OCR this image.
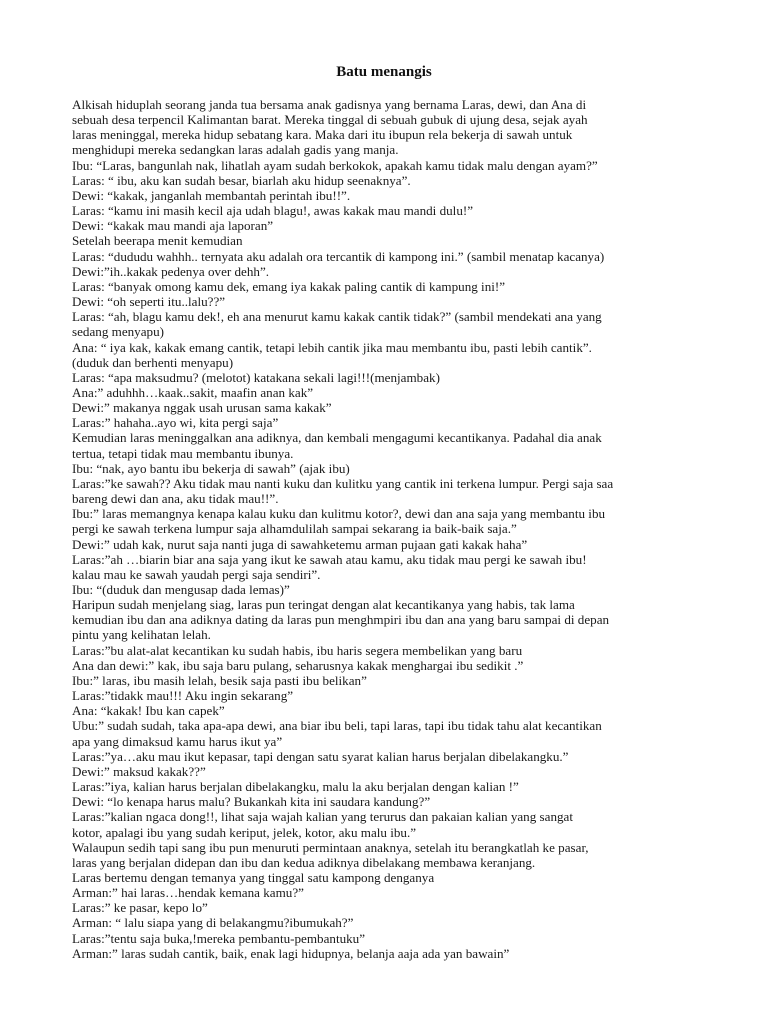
Batu menangis
Alkisah hiduplah seorang janda tua bersama anak gadisnya yang bernama Laras, dewi, dan Ana di
sebuah desa terpencil Kalimantan barat. Mereka tinggal di sebuah gubuk di ujung desa, sejak ayah
laras meninggal, mereka hidup sebatang kara. Maka dari itu ibupun rela bekerja di sawah untuk
menghidupi mereka sedangkan laras adalah gadis yang manja.
Ibu: “Laras, bangunlah nak, lihatlah ayam sudah berkokok, apakah kamu tidak malu dengan ayam?”
Laras: “ ibu, aku kan sudah besar, biarlah aku hidup seenaknya”.
Dewi: “kakak, janganlah membantah perintah ibu!!”.
Laras: “kamu ini masih kecil aja udah blagu!, awas kakak mau mandi dulu!”
Dewi: “kakak mau mandi aja laporan”
Setelah beerapa menit kemudian
Laras: “dududu wahhh.. ternyata aku adalah ora tercantik di kampong ini.” (sambil menatap kacanya)
Dewi:”ih..kakak pedenya over dehh”.
Laras: “banyak omong kamu dek, emang iya kakak paling cantik di kampung ini!”
Dewi: “oh seperti itu..lalu??”
Laras: “ah, blagu kamu dek!, eh ana menurut kamu kakak cantik tidak?” (sambil mendekati ana yang
sedang menyapu)
Ana: “ iya kak, kakak emang cantik, tetapi lebih cantik jika mau membantu ibu, pasti lebih cantik”.
(duduk dan berhenti menyapu)
Laras: “apa maksudmu? (melotot) katakana sekali lagi!!!(menjambak)
Ana:” aduhhh…kaak..sakit, maafin anan kak”
Dewi:” makanya nggak usah urusan sama kakak”
Laras:” hahaha..ayo wi, kita pergi saja”
Kemudian laras meninggalkan ana adiknya, dan kembali mengagumi kecantikanya. Padahal dia anak
tertua, tetapi tidak mau membantu ibunya.
Ibu: “nak, ayo bantu ibu bekerja di sawah” (ajak ibu)
Laras:”ke sawah?? Aku tidak mau nanti kuku dan kulitku yang cantik ini terkena lumpur. Pergi saja saa
bareng dewi dan ana, aku tidak mau!!”.
Ibu:” laras memangnya kenapa kalau kuku dan kulitmu kotor?, dewi dan ana saja yang membantu ibu
pergi ke sawah terkena lumpur saja alhamdulilah sampai sekarang ia baik-baik saja.”
Dewi:” udah kak, nurut saja nanti juga di sawahketemu arman pujaan gati kakak haha”
Laras:”ah …biarin biar ana saja yang ikut ke sawah atau kamu, aku tidak mau pergi ke sawah ibu!
kalau mau ke sawah yaudah pergi saja sendiri”.
Ibu: “(duduk dan mengusap dada lemas)”
Haripun sudah menjelang siag, laras pun teringat dengan alat kecantikanya yang habis, tak lama
kemudian ibu dan ana adiknya dating da laras pun menghmpiri ibu dan ana yang baru sampai di depan
pintu yang kelihatan lelah.
Laras:”bu alat-alat kecantikan ku sudah habis, ibu haris segera membelikan yang baru
Ana dan dewi:” kak, ibu saja baru pulang, seharusnya kakak menghargai ibu sedikit .”
Ibu:” laras, ibu masih lelah, besik saja pasti ibu belikan”
Laras:”tidakk mau!!! Aku ingin sekarang”
Ana: “kakak! Ibu kan capek”
Ubu:” sudah sudah, taka apa-apa dewi, ana biar ibu beli, tapi laras, tapi ibu tidak tahu alat kecantikan
apa yang dimaksud kamu harus ikut ya”
Laras:”ya…aku mau ikut kepasar, tapi dengan satu syarat kalian harus berjalan dibelakangku.”
Dewi:” maksud kakak??”
Laras:”iya, kalian harus berjalan dibelakangku, malu la aku berjalan dengan kalian !”
Dewi: “lo kenapa harus malu? Bukankah kita ini saudara kandung?”
Laras:”kalian ngaca dong!!, lihat saja wajah kalian yang terurus dan pakaian kalian yang sangat
kotor, apalagi ibu yang sudah keriput, jelek, kotor, aku malu ibu.”
Walaupun sedih tapi sang ibu pun menuruti permintaan anaknya, setelah itu berangkatlah ke pasar,
laras yang berjalan didepan dan ibu dan kedua adiknya dibelakang membawa keranjang.
Laras bertemu dengan temanya yang tinggal satu kampong denganya
Arman:” hai laras…hendak kemana kamu?”
Laras:” ke pasar, kepo lo”
Arman: “ lalu siapa yang di belakangmu?ibumukah?”
Laras:”tentu saja buka,!mereka pembantu-pembantuku”
Arman:” laras sudah cantik, baik, enak lagi hidupnya, belanja aaja ada yan bawain”
